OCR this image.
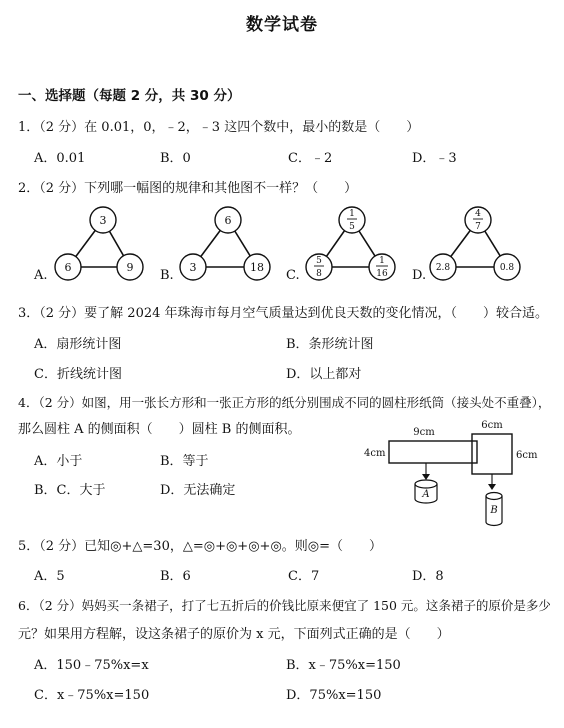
数学试卷
一、选择题（每题 2 分，共 30 分）
1．（2 分）在 0.01，0，﹣2，﹣3 这四个数中，最小的数是（　　）
A．0.01	B．0	C．﹣2	D．﹣3
2．（2 分）下列哪一幅图的规律和其他图不一样？（　　）
A.	B.	C.	D.
3
6	9
6
3	18
1
5
5
8
1
16
4
7
2.8	0.8
9cm
4cm
6cm
6cm
A
B
3．（2 分）要了解 2024 年珠海市每月空气质量达到优良天数的变化情况，（　　）较合适。
A．扇形统计图	B．条形统计图
C．折线统计图	D．以上都对
4．（2 分）如图，用一张长方形和一张正方形的纸分别围成不同的圆柱形纸筒（接头处不重叠），
那么圆柱 A 的侧面积（　　）圆柱 B 的侧面积。
A．小于	B．等于
B．C．大于	D．无法确定
5．（2 分）已知◎+△=30，△=◎+◎+◎+◎。则◎=（　　）
A．5	B．6	C．7	D．8
6．（2 分）妈妈买一条裙子，打了七五折后的价钱比原来便宜了 150 元。这条裙子的原价是多少
元？如果用方程解，设这条裙子的原价为 x 元，下面列式正确的是（　　）
A．150﹣75%x=x	B．x﹣75%x=150
C．x﹣75%x=150	D．75%x=150
